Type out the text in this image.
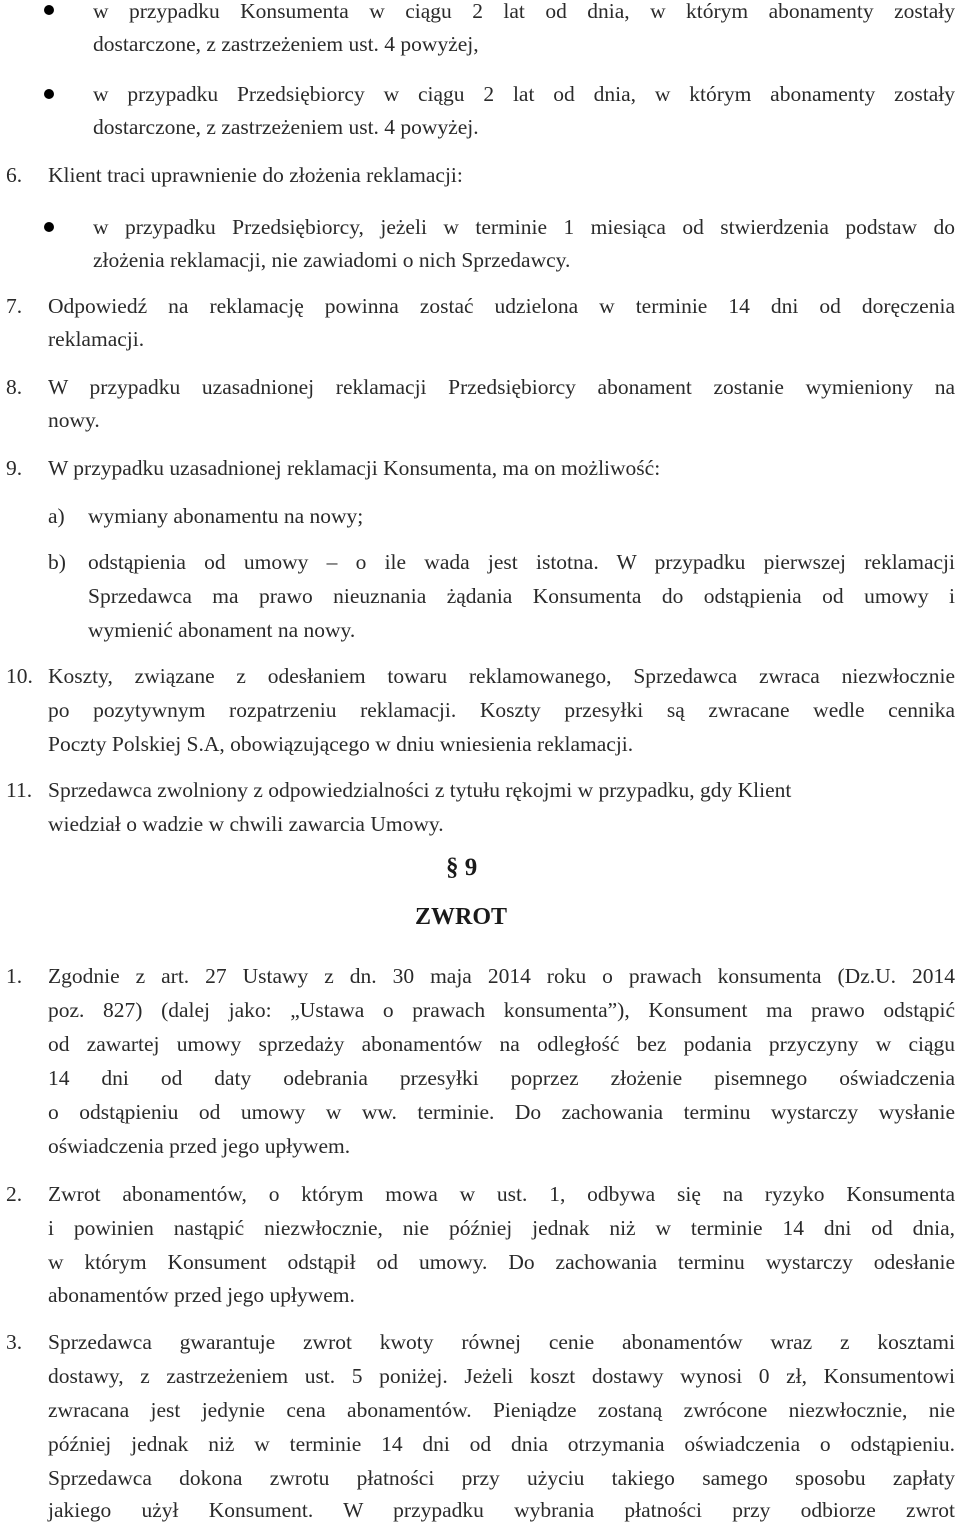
w przypadku Konsumenta w ciągu 2 lat od dnia, w którym abonamenty zostały
dostarczone, z zastrzeżeniem ust. 4 powyżej,
w przypadku Przedsiębiorcy w ciągu 2 lat od dnia, w którym abonamenty zostały
dostarczone, z zastrzeżeniem ust. 4 powyżej.
6. Klient traci uprawnienie do złożenia reklamacji:
w przypadku Przedsiębiorcy, jeżeli w terminie 1 miesiąca od stwierdzenia podstaw do
złożenia reklamacji, nie zawiadomi o nich Sprzedawcy.
7. Odpowiedź na reklamację powinna zostać udzielona w terminie 14 dni od doręczenia
reklamacji.
8. W przypadku uzasadnionej reklamacji Przedsiębiorcy abonament zostanie wymieniony na
nowy.
9. W przypadku uzasadnionej reklamacji Konsumenta, ma on możliwość:
a) wymiany abonamentu na nowy;
b) odstąpienia od umowy – o ile wada jest istotna. W przypadku pierwszej reklamacji
Sprzedawca ma prawo nieuznania żądania Konsumenta do odstąpienia od umowy i
wymienić abonament na nowy.
10. Koszty, związane z odesłaniem towaru reklamowanego, Sprzedawca zwraca niezwłocznie
po pozytywnym rozpatrzeniu reklamacji. Koszty przesyłki są zwracane wedle cennika
Poczty Polskiej S.A, obowiązującego w dniu wniesienia reklamacji.
11. Sprzedawca zwolniony z odpowiedzialności z tytułu rękojmi w przypadku, gdy Klient
wiedział o wadzie w chwili zawarcia Umowy.
§ 9
ZWROT
1. Zgodnie z art. 27 Ustawy z dn. 30 maja 2014 roku o prawach konsumenta (Dz.U. 2014
poz. 827) (dalej jako: „Ustawa o prawach konsumenta”), Konsument ma prawo odstąpić
od zawartej umowy sprzedaży abonamentów na odległość bez podania przyczyny w ciągu
14 dni od daty odebrania przesyłki poprzez złożenie pisemnego oświadczenia
o odstąpieniu od umowy w ww. terminie. Do zachowania terminu wystarczy wysłanie
oświadczenia przed jego upływem.
2. Zwrot abonamentów, o którym mowa w ust. 1, odbywa się na ryzyko Konsumenta
i powinien nastąpić niezwłocznie, nie później jednak niż w terminie 14 dni od dnia,
w którym Konsument odstąpił od umowy. Do zachowania terminu wystarczy odesłanie
abonamentów przed jego upływem.
3. Sprzedawca gwarantuje zwrot kwoty równej cenie abonamentów wraz z kosztami
dostawy, z zastrzeżeniem ust. 5 poniżej. Jeżeli koszt dostawy wynosi 0 zł, Konsumentowi
zwracana jest jedynie cena abonamentów. Pieniądze zostaną zwrócone niezwłocznie, nie
później jednak niż w terminie 14 dni od dnia otrzymania oświadczenia o odstąpieniu.
Sprzedawca dokona zwrotu płatności przy użyciu takiego samego sposobu zapłaty
jakiego użył Konsument. W przypadku wybrania płatności przy odbiorze zwrot
